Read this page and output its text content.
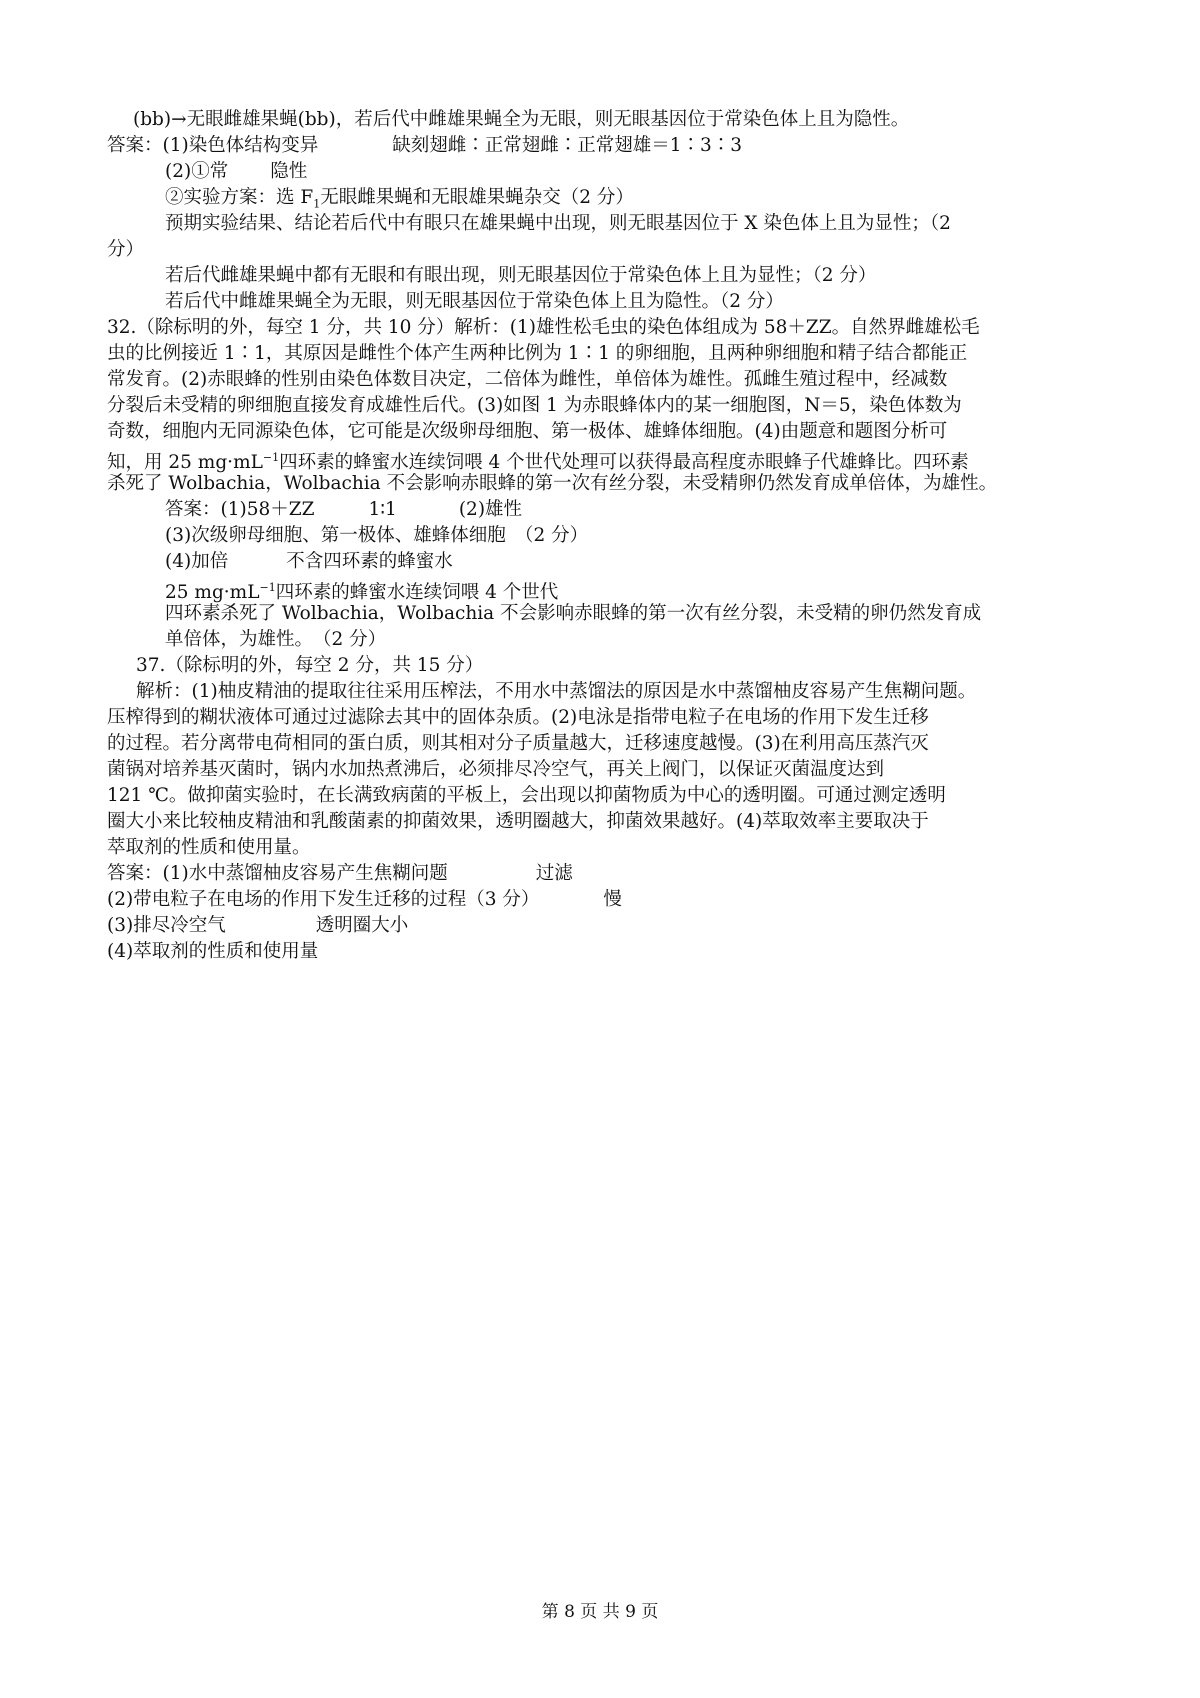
(bb)→无眼雌雄果蝇(bb)，若后代中雌雄果蝇全为无眼，则无眼基因位于常染色体上且为隐性。
答案：(1)染色体结构变异	缺刻翅雌∶正常翅雌∶正常翅雄＝1∶3∶3
(2)①常 隐性
②实验方案：选 $F_1$无眼雌果蝇和无眼雄果蝇杂交（2 分）
预期实验结果、结论若后代中有眼只在雄果蝇中出现，则无眼基因位于 X 染色体上且为显性；（2
分）
若后代雌雄果蝇中都有无眼和有眼出现，则无眼基因位于常染色体上且为显性；（2 分）
若后代中雌雄果蝇全为无眼，则无眼基因位于常染色体上且为隐性。（2 分）
32.（除标明的外，每空 1 分，共 10 分）解析：(1)雄性松毛虫的染色体组成为 58＋ZZ。自然界雌雄松毛
虫的比例接近 1∶1，其原因是雌性个体产生两种比例为 1∶1 的卵细胞，且两种卵细胞和精子结合都能正
常发育。(2)赤眼蜂的性别由染色体数目决定，二倍体为雌性，单倍体为雄性。孤雌生殖过程中，经减数
分裂后未受精的卵细胞直接发育成雄性后代。(3)如图 1 为赤眼蜂体内的某一细胞图，N＝5，染色体数为
奇数，细胞内无同源染色体，它可能是次级卵母细胞、第一极体、雄蜂体细胞。(4)由题意和题图分析可
知，用 25 $mg\cdot mL^{-1}$四环素的蜂蜜水连续饲喂 4 个世代处理可以获得最高程度赤眼蜂子代雄蜂比。四环素
杀死了 Wolbachia，Wolbachia 不会影响赤眼蜂的第一次有丝分裂，未受精卵仍然发育成单倍体，为雄性。
答案：(1)58＋ZZ	1∶1	(2)雄性
(3)次级卵母细胞、第一极体、雄蜂体细胞　（2 分）
(4)加倍	不含四环素的蜂蜜水
25 $mg\cdot mL^{-1}$四环素的蜂蜜水连续饲喂 4 个世代
四环素杀死了 Wolbachia，Wolbachia 不会影响赤眼蜂的第一次有丝分裂，未受精的卵仍然发育成
单倍体，为雄性。　（2 分）
37.（除标明的外，每空 2 分，共 15 分）
解析：(1)柚皮精油的提取往往采用压榨法，不用水中蒸馏法的原因是水中蒸馏柚皮容易产生焦糊问题。
压榨得到的糊状液体可通过过滤除去其中的固体杂质。(2)电泳是指带电粒子在电场的作用下发生迁移
的过程。若分离带电荷相同的蛋白质，则其相对分子质量越大，迁移速度越慢。(3)在利用高压蒸汽灭
菌锅对培养基灭菌时，锅内水加热煮沸后，必须排尽冷空气，再关上阀门，以保证灭菌温度达到
121 ℃。做抑菌实验时，在长满致病菌的平板上，会出现以抑菌物质为中心的透明圈。可通过测定透明
圈大小来比较柚皮精油和乳酸菌素的抑菌效果，透明圈越大，抑菌效果越好。(4)萃取效率主要取决于
萃取剂的性质和使用量。
答案：(1)水中蒸馏柚皮容易产生焦糊问题	过滤
(2)带电粒子在电场的作用下发生迁移的过程（3 分）	慢
(3)排尽冷空气	透明圈大小
(4)萃取剂的性质和使用量
第 8 页 共 9 页
